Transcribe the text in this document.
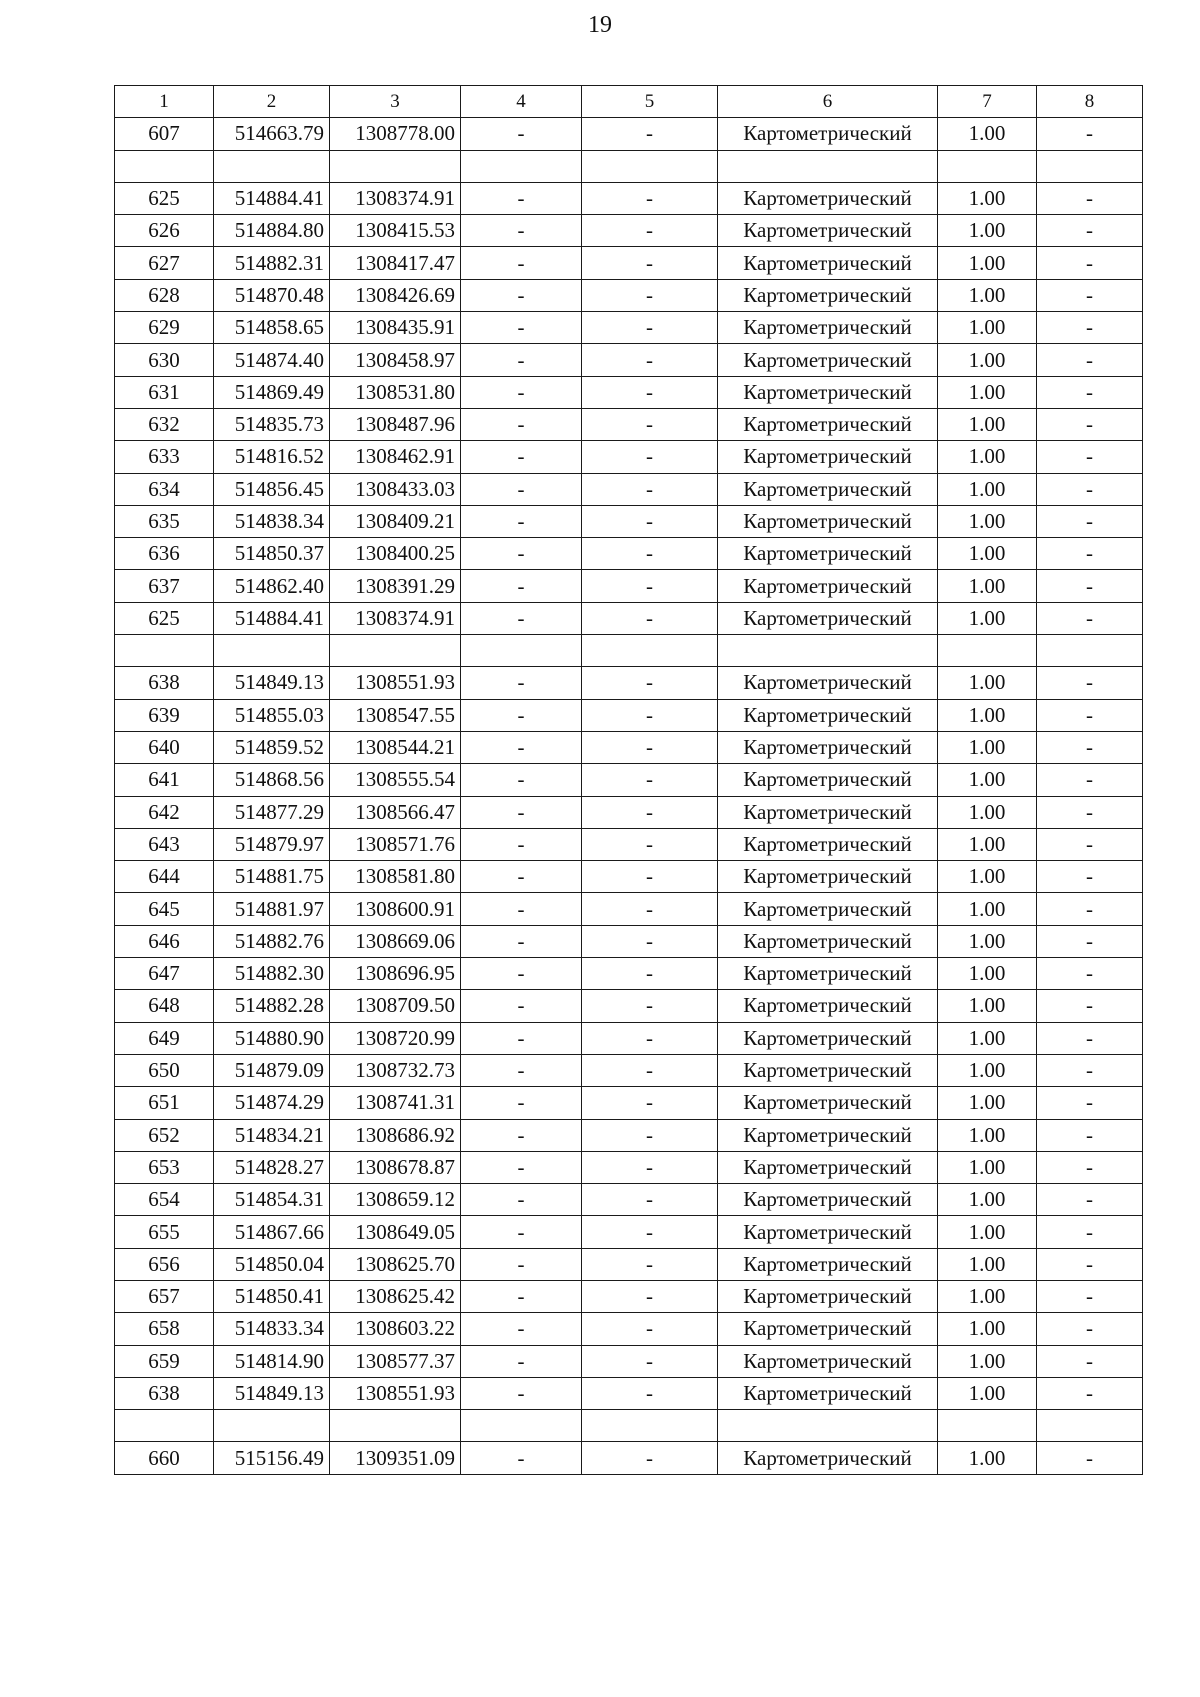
19
1	2	3	4	5	6	7	8
607	514663.79	1308778.00	-	-	Картометрический	1.00	-

625	514884.41	1308374.91	-	-	Картометрический	1.00	-
626	514884.80	1308415.53	-	-	Картометрический	1.00	-
627	514882.31	1308417.47	-	-	Картометрический	1.00	-
628	514870.48	1308426.69	-	-	Картометрический	1.00	-
629	514858.65	1308435.91	-	-	Картометрический	1.00	-
630	514874.40	1308458.97	-	-	Картометрический	1.00	-
631	514869.49	1308531.80	-	-	Картометрический	1.00	-
632	514835.73	1308487.96	-	-	Картометрический	1.00	-
633	514816.52	1308462.91	-	-	Картометрический	1.00	-
634	514856.45	1308433.03	-	-	Картометрический	1.00	-
635	514838.34	1308409.21	-	-	Картометрический	1.00	-
636	514850.37	1308400.25	-	-	Картометрический	1.00	-
637	514862.40	1308391.29	-	-	Картометрический	1.00	-
625	514884.41	1308374.91	-	-	Картометрический	1.00	-

638	514849.13	1308551.93	-	-	Картометрический	1.00	-
639	514855.03	1308547.55	-	-	Картометрический	1.00	-
640	514859.52	1308544.21	-	-	Картометрический	1.00	-
641	514868.56	1308555.54	-	-	Картометрический	1.00	-
642	514877.29	1308566.47	-	-	Картометрический	1.00	-
643	514879.97	1308571.76	-	-	Картометрический	1.00	-
644	514881.75	1308581.80	-	-	Картометрический	1.00	-
645	514881.97	1308600.91	-	-	Картометрический	1.00	-
646	514882.76	1308669.06	-	-	Картометрический	1.00	-
647	514882.30	1308696.95	-	-	Картометрический	1.00	-
648	514882.28	1308709.50	-	-	Картометрический	1.00	-
649	514880.90	1308720.99	-	-	Картометрический	1.00	-
650	514879.09	1308732.73	-	-	Картометрический	1.00	-
651	514874.29	1308741.31	-	-	Картометрический	1.00	-
652	514834.21	1308686.92	-	-	Картометрический	1.00	-
653	514828.27	1308678.87	-	-	Картометрический	1.00	-
654	514854.31	1308659.12	-	-	Картометрический	1.00	-
655	514867.66	1308649.05	-	-	Картометрический	1.00	-
656	514850.04	1308625.70	-	-	Картометрический	1.00	-
657	514850.41	1308625.42	-	-	Картометрический	1.00	-
658	514833.34	1308603.22	-	-	Картометрический	1.00	-
659	514814.90	1308577.37	-	-	Картометрический	1.00	-
638	514849.13	1308551.93	-	-	Картометрический	1.00	-

660	515156.49	1309351.09	-	-	Картометрический	1.00	-
